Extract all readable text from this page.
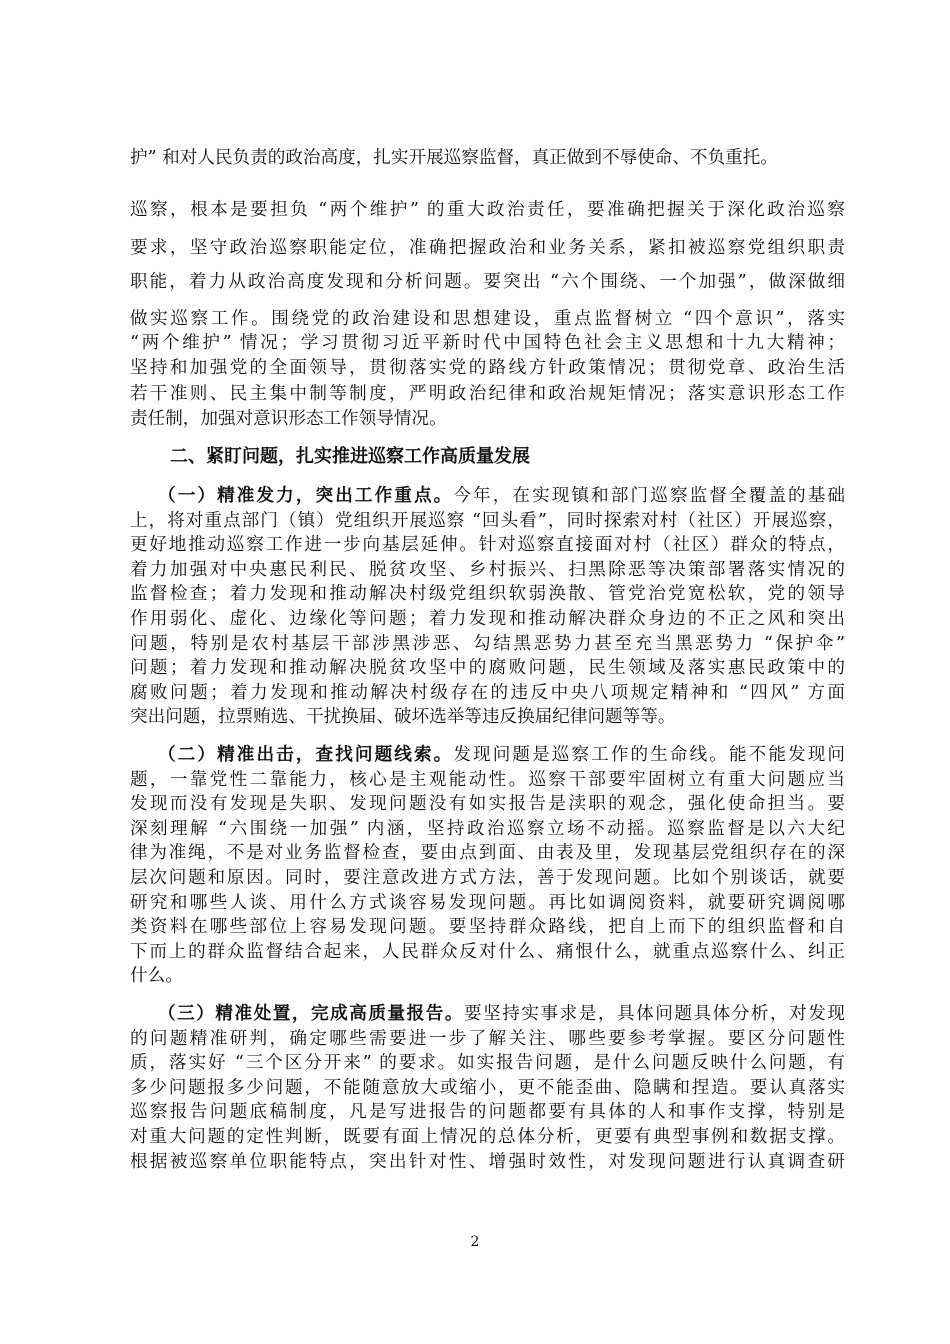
护” 和对人民负责的政治高度，扎实开展巡察监督，真正做到不辱使命、不负重托。
巡察，根本是要担负 “两个维护” 的重大政治责任，要准确把握关于深化政治巡察
要求，坚守政治巡察职能定位，准确把握政治和业务关系，紧扣被巡察党组织职责
职能，着力从政治高度发现和分析问题。要突出 “六个围绕、一个加强”，做深做细
做实巡察工作。围绕党的政治建设和思想建设，重点监督树立 “四个意识”，落实
“两个维护” 情况；学习贯彻习近平新时代中国特色社会主义思想和十九大精神；
坚持和加强党的全面领导，贯彻落实党的路线方针政策情况；贯彻党章、政治生活
若干准则、民主集中制等制度，严明政治纪律和政治规矩情况；落实意识形态工作
责任制，加强对意识形态工作领导情况。
二、紧盯问题，扎实推进巡察工作高质量发展
（一）精准发力，突出工作重点。今年，在实现镇和部门巡察监督全覆盖的基础
上，将对重点部门（镇）党组织开展巡察 “回头看”，同时探索对村（社区）开展巡察，
更好地推动巡察工作进一步向基层延伸。针对巡察直接面对村（社区）群众的特点，
着力加强对中央惠民利民、脱贫攻坚、乡村振兴、扫黑除恶等决策部署落实情况的
监督检查；着力发现和推动解决村级党组织软弱涣散、管党治党宽松软，党的领导
作用弱化、虚化、边缘化等问题；着力发现和推动解决群众身边的不正之风和突出
问题，特别是农村基层干部涉黑涉恶、勾结黑恶势力甚至充当黑恶势力 “保护伞”
问题；着力发现和推动解决脱贫攻坚中的腐败问题，民生领域及落实惠民政策中的
腐败问题；着力发现和推动解决村级存在的违反中央八项规定精神和 “四风” 方面
突出问题，拉票贿选、干扰换届、破坏选举等违反换届纪律问题等等。
（二）精准出击，查找问题线索。发现问题是巡察工作的生命线。能不能发现问
题，一靠党性二靠能力，核心是主观能动性。巡察干部要牢固树立有重大问题应当
发现而没有发现是失职、发现问题没有如实报告是渎职的观念，强化使命担当。要
深刻理解 “六围绕一加强” 内涵，坚持政治巡察立场不动摇。巡察监督是以六大纪
律为准绳，不是对业务监督检查，要由点到面、由表及里，发现基层党组织存在的深
层次问题和原因。同时，要注意改进方式方法，善于发现问题。比如个别谈话，就要
研究和哪些人谈、用什么方式谈容易发现问题。再比如调阅资料，就要研究调阅哪
类资料在哪些部位上容易发现问题。要坚持群众路线，把自上而下的组织监督和自
下而上的群众监督结合起来，人民群众反对什么、痛恨什么，就重点巡察什么、纠正
什么。
（三）精准处置，完成高质量报告。要坚持实事求是，具体问题具体分析，对发现
的问题精准研判，确定哪些需要进一步了解关注、哪些要参考掌握。要区分问题性
质，落实好 “三个区分开来” 的要求。如实报告问题，是什么问题反映什么问题，有
多少问题报多少问题，不能随意放大或缩小，更不能歪曲、隐瞒和捏造。要认真落实
巡察报告问题底稿制度，凡是写进报告的问题都要有具体的人和事作支撑，特别是
对重大问题的定性判断，既要有面上情况的总体分析，更要有典型事例和数据支撑。
根据被巡察单位职能特点，突出针对性、增强时效性，对发现问题进行认真调查研
2
